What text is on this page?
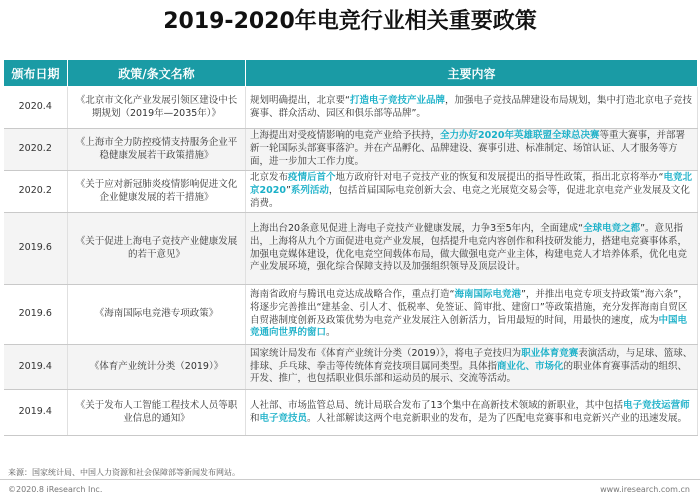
2019-2020年电竞行业相关重要政策
颁布日期	政策/条文名称	主要内容
2020.4	《北京市文化产业发展引领区建设中长期规划（2019年—2035年）》	规划明确提出，北京要“打造电子竞技产业品牌，加强电子竞技品牌建设布局规划，集中打造北京电子竞技赛事、群众活动、园区和俱乐部等品牌”。
2020.2	《上海市全力防控疫情支持服务企业平稳健康发展若干政策措施》	上海提出对受疫情影响的电竞产业给予扶持，全力办好2020年英雄联盟全球总决赛等重大赛事，并部署新一轮国际头部赛事落沪。并在产品孵化、品牌建设、赛事引进、标准制定、场馆认证、人才服务等方面，进一步加大工作力度。
2020.2	《关于应对新冠肺炎疫情影响促进文化企业健康发展的若干措施》	北京发布疫情后首个地方政府针对电子竞技产业的恢复和发展提出的指导性政策，指出北京将举办“电竞北京2020”系列活动，包括首届国际电竞创新大会、电竞之光展览交易会等，促进北京电竞产业发展及文化消费。
2019.6	《关于促进上海电子竞技产业健康发展的若干意见》	上海出台20条意见促进上海电子竞技产业健康发展，力争3至5年内，全面建成“全球电竞之都”。意见指出，上海将从九个方面促进电竞产业发展，包括提升电竞内容创作和科技研发能力，搭建电竞赛事体系，加强电竞媒体建设，优化电竞空间载体布局，做大做强电竞产业主体，构建电竞人才培养体系，优化电竞产业发展环境，强化综合保障支持以及加强组织领导及顶层设计。
2019.6	《海南国际电竞港专项政策》	海南省政府与腾讯电竞达成战略合作，重点打造“海南国际电竞港”，并推出电竞专项支持政策“海六条”，将逐步完善推出“建基金、引人才、低税率、免签证、简审批、建窗口”等政策措施，充分发挥海南自贸区自贸港制度创新及政策优势为电竞产业发展注入创新活力，旨用最短的时间，用最快的速度，成为中国电竞通向世界的窗口。
2019.4	《体育产业统计分类（2019）》	国家统计局发布《体育产业统计分类（2019）》，将电子竞技归为职业体育竞赛表演活动，与足球、篮球、排球、乒乓球、拳击等传统体育竞技项目属同类型。具体指商业化、市场化的职业体育赛事活动的组织、开发、推广，也包括职业俱乐部和运动员的展示、交流等活动。
2019.4	《关于发布人工智能工程技术人员等职业信息的通知》	人社部、市场监管总局、统计局联合发布了13个集中在高新技术领域的新职业，其中包括电子竞技运营师和电子竞技员。人社部解读这两个电竞新职业的发布，是为了匹配电竞赛事和电竞新兴产业的迅速发展。
来源：国家统计局、中国人力资源和社会保障部等新闻发布网站。
©2020.8 iResearch Inc.	www.iresearch.com.cn
